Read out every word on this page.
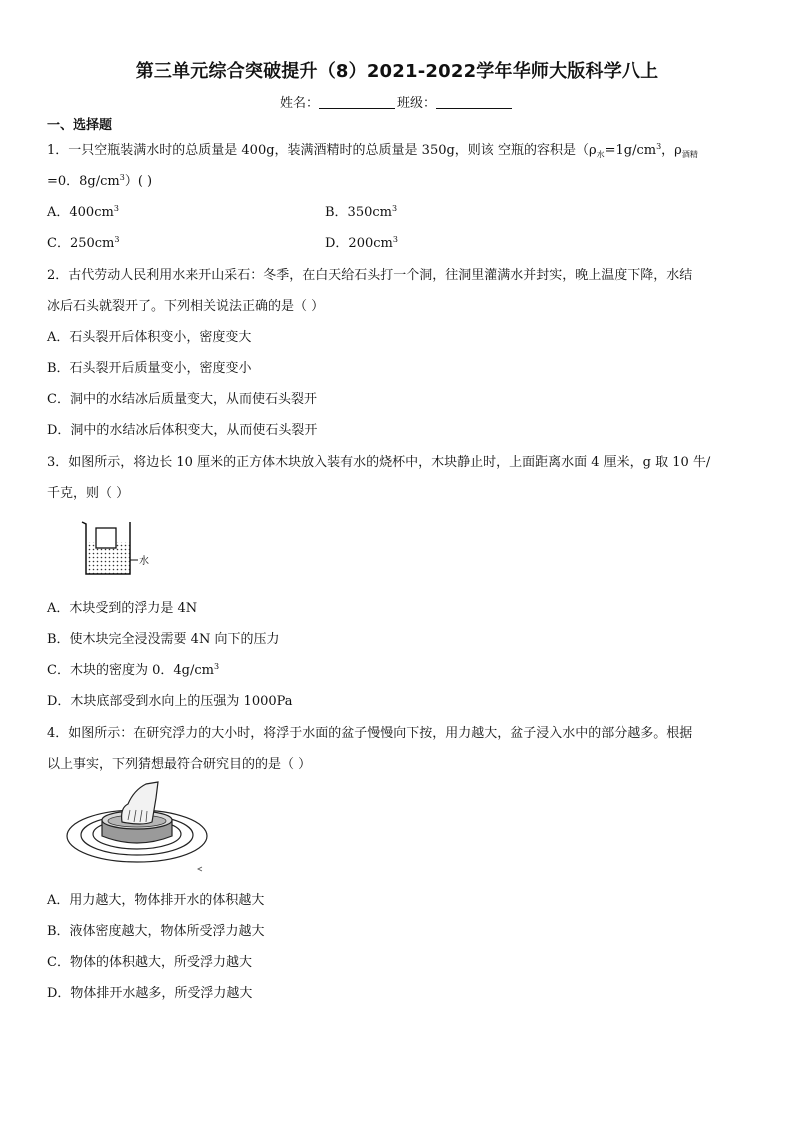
第三单元综合突破提升（8）2021-2022学年华师大版科学八上
姓名：	班级：
一、选择题
1．一只空瓶装满水时的总质量是 400g，装满酒精时的总质量是 350g，则该 空瓶的容积是（$\rho_水=1g/cm^3$，$\rho_{酒精}$
=0．$8g/cm^3$）( )
A．$400cm^3$	B．$350cm^3$
C．$250cm^3$	D．$200cm^3$
2．古代劳动人民利用水来开山采石：冬季，在白天给石头打一个洞，往洞里灌满水并封实，晚上温度下降，水结
冰后石头就裂开了。下列相关说法正确的是（ ）
A．石头裂开后体积变小，密度变大
B．石头裂开后质量变小，密度变小
C．洞中的水结冰后质量变大，从而使石头裂开
D．洞中的水结冰后体积变大，从而使石头裂开
3．如图所示，将边长 10 厘米的正方体木块放入装有水的烧杯中，木块静止时，上面距离水面 4 厘米，g 取 10 牛/
千克，则（ ）
水
A．木块受到的浮力是 4N
B．使木块完全浸没需要 4N 向下的压力
C．木块的密度为 0．$4g/cm^3$
D．木块底部受到水向上的压强为 1000Pa
4．如图所示：在研究浮力的大小时，将浮于水面的盆子慢慢向下按，用力越大，盆子浸入水中的部分越多。根据
以上事实，下列猜想最符合研究目的的是（ ）
A．用力越大，物体排开水的体积越大
B．液体密度越大，物体所受浮力越大
C．物体的体积越大，所受浮力越大
D．物体排开水越多，所受浮力越大
